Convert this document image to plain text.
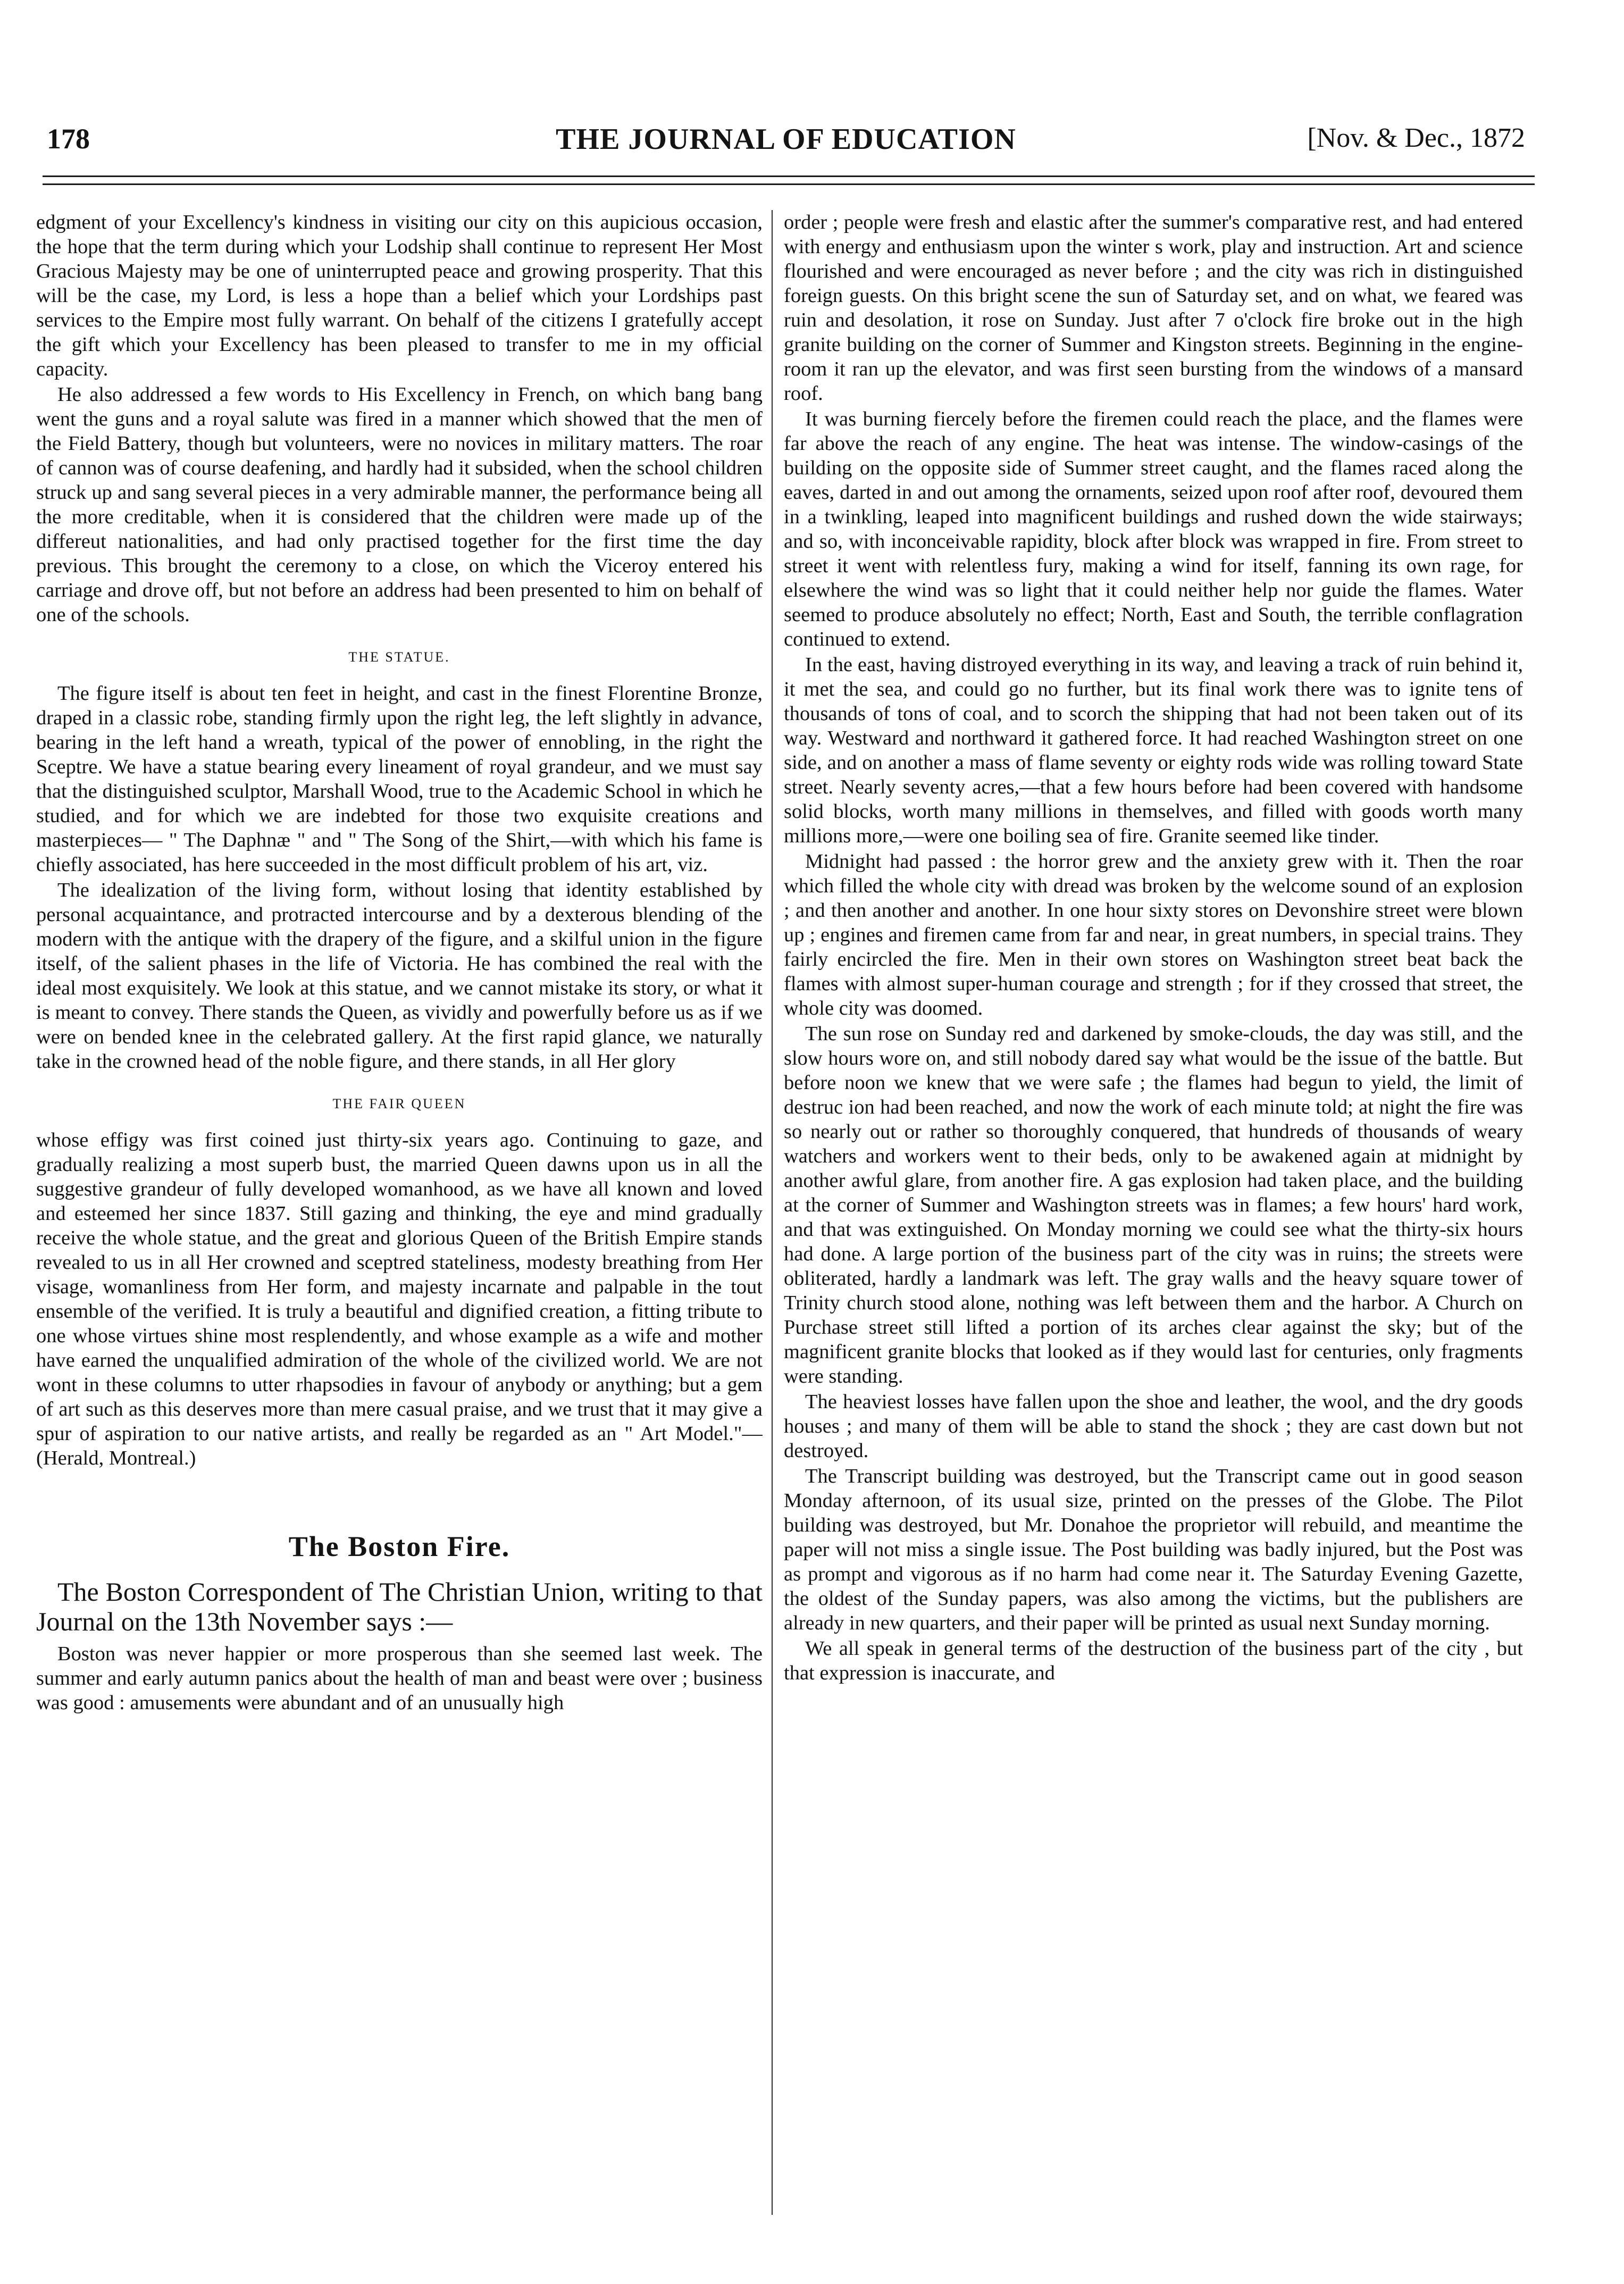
178	THE JOURNAL OF EDUCATION	[Nov. & Dec., 1872

edgment of your Excellency's kindness in visiting our city on this aupicious occasion, the hope that the term during which your Lodship shall continue to represent Her Most Gracious Majesty may be one of uninterrupted peace and growing prosperity. That this will be the case, my Lord, is less a hope than a belief which your Lordships past services to the Empire most fully warrant. On behalf of the citizens I gratefully accept the gift which your Excellency has been pleased to transfer to me in my official capacity.

He also addressed a few words to His Excellency in French, on which bang bang went the guns and a royal salute was fired in a manner which showed that the men of the Field Battery, though but volunteers, were no novices in military matters. The roar of cannon was of course deafening, and hardly had it subsided, when the school children struck up and sang several pieces in a very admirable manner, the performance being all the more creditable, when it is considered that the children were made up of the differeut nationalities, and had only practised together for the first time the day previous. This brought the ceremony to a close, on which the Viceroy entered his carriage and drove off, but not before an address had been presented to him on behalf of one of the schools.

THE STATUE.

The figure itself is about ten feet in height, and cast in the finest Florentine Bronze, draped in a classic robe, standing firmly upon the right leg, the left slightly in advance, bearing in the left hand a wreath, typical of the power of ennobling, in the right the Sceptre. We have a statue bearing every lineament of royal grandeur, and we must say that the distinguished sculptor, Marshall Wood, true to the Academic School in which he studied, and for which we are indebted for those two exquisite creations and masterpieces— " The Daphnæ " and " The Song of the Shirt,—with which his fame is chiefly associated, has here succeeded in the most difficult problem of his art, viz.

The idealization of the living form, without losing that identity established by personal acquaintance, and protracted intercourse and by a dexterous blending of the modern with the antique with the drapery of the figure, and a skilful union in the figure itself, of the salient phases in the life of Victoria. He has combined the real with the ideal most exquisitely. We look at this statue, and we cannot mistake its story, or what it is meant to convey. There stands the Queen, as vividly and powerfully before us as if we were on bended knee in the celebrated gallery. At the first rapid glance, we naturally take in the crowned head of the noble figure, and there stands, in all Her glory

THE FAIR QUEEN

whose effigy was first coined just thirty-six years ago. Continuing to gaze, and gradually realizing a most superb bust, the married Queen dawns upon us in all the suggestive grandeur of fully developed womanhood, as we have all known and loved and esteemed her since 1837. Still gazing and thinking, the eye and mind gradually receive the whole statue, and the great and glorious Queen of the British Empire stands revealed to us in all Her crowned and sceptred stateliness, modesty breathing from Her visage, womanliness from Her form, and majesty incarnate and palpable in the tout ensemble of the verified. It is truly a beautiful and dignified creation, a fitting tribute to one whose virtues shine most resplendently, and whose example as a wife and mother have earned the unqualified admiration of the whole of the civilized world. We are not wont in these columns to utter rhapsodies in favour of anybody or anything; but a gem of art such as this deserves more than mere casual praise, and we trust that it may give a spur of aspiration to our native artists, and really be regarded as an " Art Model."—(Herald, Montreal.)

The Boston Fire.
The Boston Correspondent of The Christian Union, writing to that Journal on the 13th November says :—

Boston was never happier or more prosperous than she seemed last week. The summer and early autumn panics about the health of man and beast were over ; business was good : amusements were abundant and of an unusually high

order ; people were fresh and elastic after the summer's comparative rest, and had entered with energy and enthusiasm upon the winter s work, play and instruction. Art and science flourished and were encouraged as never before ; and the city was rich in distinguished foreign guests. On this bright scene the sun of Saturday set, and on what, we feared was ruin and desolation, it rose on Sunday. Just after 7 o'clock fire broke out in the high granite building on the corner of Summer and Kingston streets. Beginning in the engine-room it ran up the elevator, and was first seen bursting from the windows of a mansard roof.

It was burning fiercely before the firemen could reach the place, and the flames were far above the reach of any engine. The heat was intense. The window-casings of the building on the opposite side of Summer street caught, and the flames raced along the eaves, darted in and out among the ornaments, seized upon roof after roof, devoured them in a twinkling, leaped into magnificent buildings and rushed down the wide stairways; and so, with inconceivable rapidity, block after block was wrapped in fire. From street to street it went with relentless fury, making a wind for itself, fanning its own rage, for elsewhere the wind was so light that it could neither help nor guide the flames. Water seemed to produce absolutely no effect; North, East and South, the terrible conflagration continued to extend.

In the east, having distroyed everything in its way, and leaving a track of ruin behind it, it met the sea, and could go no further, but its final work there was to ignite tens of thousands of tons of coal, and to scorch the shipping that had not been taken out of its way. Westward and northward it gathered force. It had reached Washington street on one side, and on another a mass of flame seventy or eighty rods wide was rolling toward State street. Nearly seventy acres,—that a few hours before had been covered with handsome solid blocks, worth many millions in themselves, and filled with goods worth many millions more,—were one boiling sea of fire. Granite seemed like tinder.

Midnight had passed : the horror grew and the anxiety grew with it. Then the roar which filled the whole city with dread was broken by the welcome sound of an explosion ; and then another and another. In one hour sixty stores on Devonshire street were blown up ; engines and firemen came from far and near, in great numbers, in special trains. They fairly encircled the fire. Men in their own stores on Washington street beat back the flames with almost super-human courage and strength ; for if they crossed that street, the whole city was doomed.

The sun rose on Sunday red and darkened by smoke-clouds, the day was still, and the slow hours wore on, and still nobody dared say what would be the issue of the battle. But before noon we knew that we were safe ; the flames had begun to yield, the limit of destruc ion had been reached, and now the work of each minute told; at night the fire was so nearly out or rather so thoroughly conquered, that hundreds of thousands of weary watchers and workers went to their beds, only to be awakened again at midnight by another awful glare, from another fire. A gas explosion had taken place, and the building at the corner of Summer and Washington streets was in flames; a few hours' hard work, and that was extinguished. On Monday morning we could see what the thirty-six hours had done. A large portion of the business part of the city was in ruins; the streets were obliterated, hardly a landmark was left. The gray walls and the heavy square tower of Trinity church stood alone, nothing was left between them and the harbor. A Church on Purchase street still lifted a portion of its arches clear against the sky; but of the magnificent granite blocks that looked as if they would last for centuries, only fragments were standing.

The heaviest losses have fallen upon the shoe and leather, the wool, and the dry goods houses ; and many of them will be able to stand the shock ; they are cast down but not destroyed.

The Transcript building was destroyed, but the Transcript came out in good season Monday afternoon, of its usual size, printed on the presses of the Globe. The Pilot building was destroyed, but Mr. Donahoe the proprietor will rebuild, and meantime the paper will not miss a single issue. The Post building was badly injured, but the Post was as prompt and vigorous as if no harm had come near it. The Saturday Evening Gazette, the oldest of the Sunday papers, was also among the victims, but the publishers are already in new quarters, and their paper will be printed as usual next Sunday morning.

We all speak in general terms of the destruction of the business part of the city , but that expression is inaccurate, and
